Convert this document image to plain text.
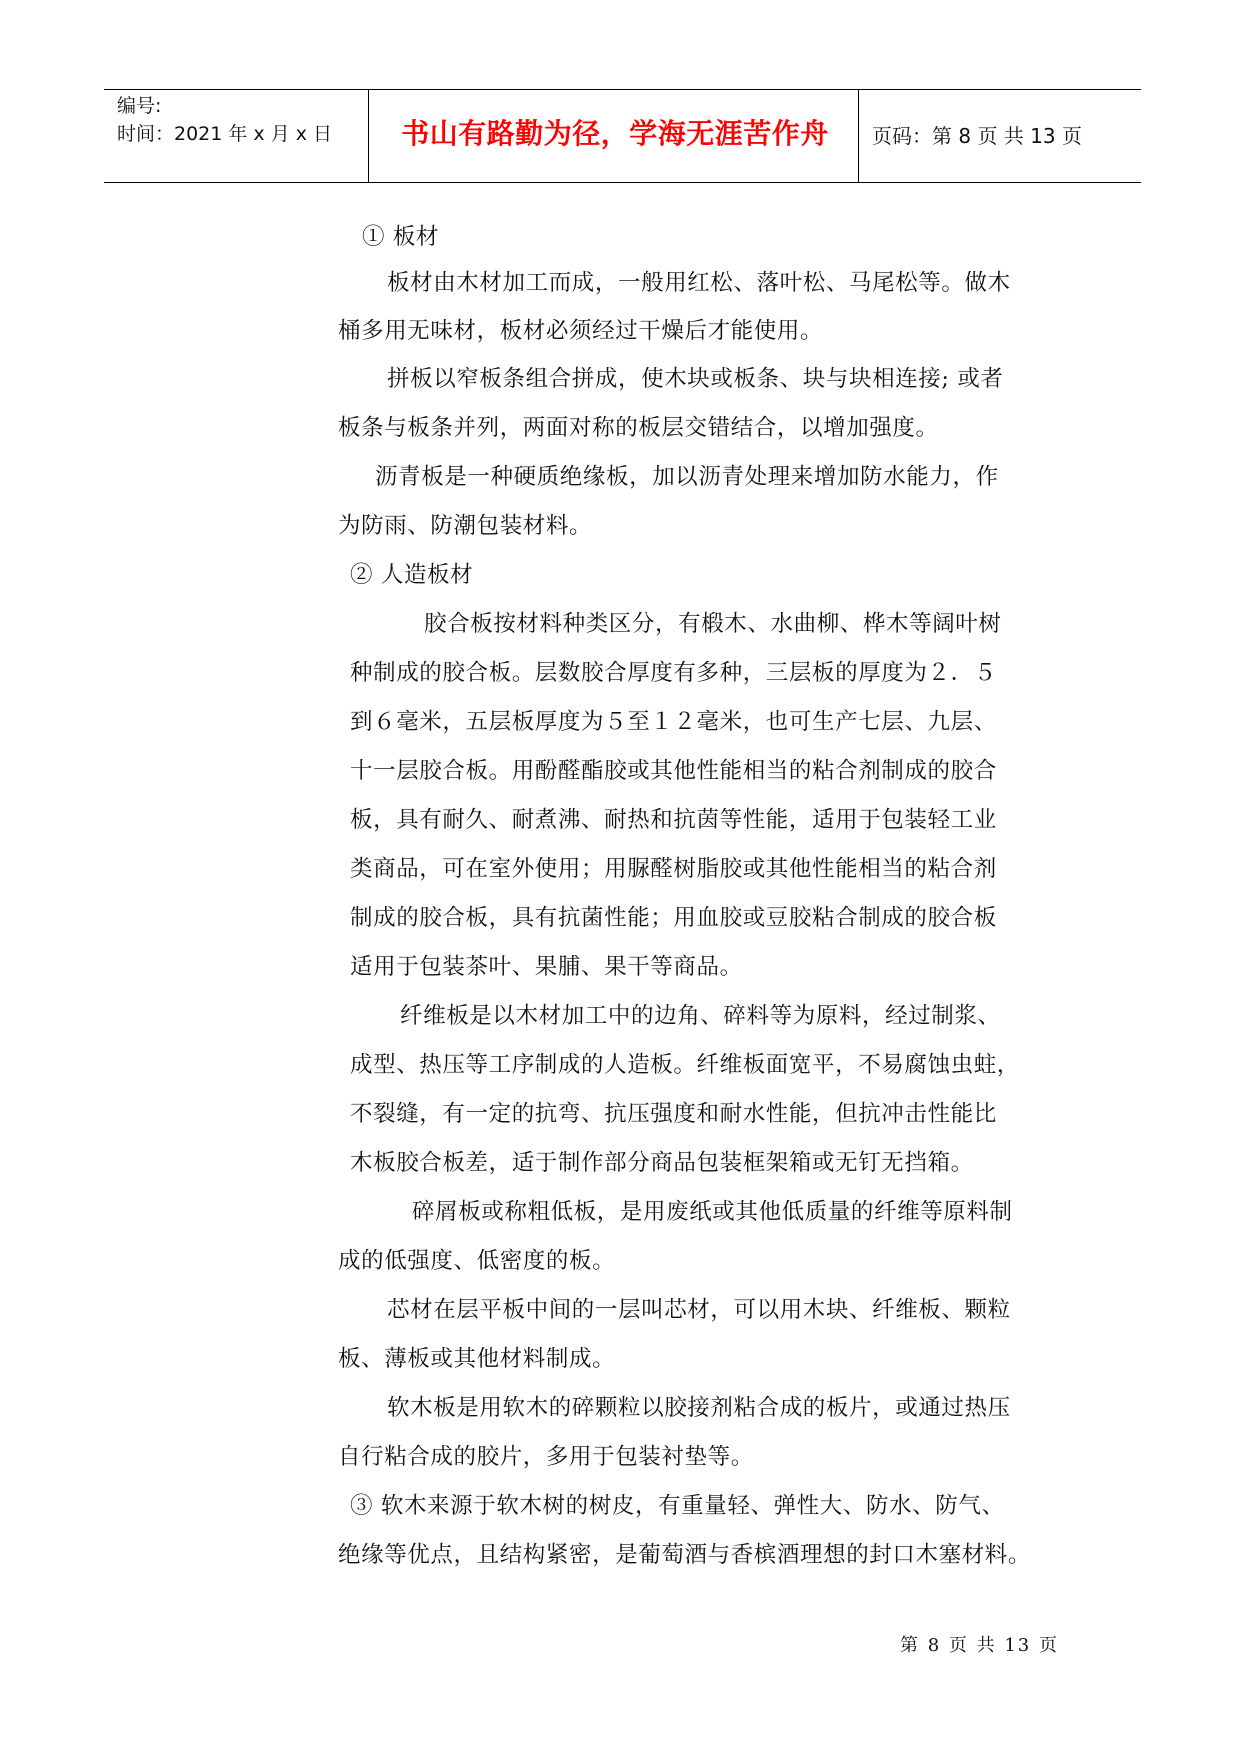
编号:
时间：2021 年 x 月 x 日	书山有路勤为径，学海无涯苦作舟	页码：第 8 页 共 13 页
① 板材
板材由木材加工而成，一般用红松、落叶松、马尾松等。做木
桶多用无味材，板材必须经过干燥后才能使用。
拼板以窄板条组合拼成，使木块或板条、块与块相连接; 或者
板条与板条并列，两面对称的板层交错结合，以增加强度。
沥青板是一种硬质绝缘板，加以沥青处理来增加防水能力，作
为防雨、防潮包装材料。
② 人造板材
胶合板按材料种类区分，有椴木、水曲柳、桦木等阔叶树
种制成的胶合板。层数胶合厚度有多种，三层板的厚度为２．５
到６毫米，五层板厚度为５至１２毫米，也可生产七层、九层、
十一层胶合板。用酚醛酯胶或其他性能相当的粘合剂制成的胶合
板，具有耐久、耐煮沸、耐热和抗茵等性能，适用于包装轻工业
类商品，可在室外使用；用脲醛树脂胶或其他性能相当的粘合剂
制成的胶合板，具有抗菌性能；用血胶或豆胶粘合制成的胶合板
适用于包装茶叶、果脯、果干等商品。
纤维板是以木材加工中的边角、碎料等为原料，经过制浆、
成型、热压等工序制成的人造板。纤维板面宽平，不易腐蚀虫蛀，
不裂缝，有一定的抗弯、抗压强度和耐水性能，但抗冲击性能比
木板胶合板差，适于制作部分商品包装框架箱或无钉无挡箱。
碎屑板或称粗低板，是用废纸或其他低质量的纤维等原料制
成的低强度、低密度的板。
芯材在层平板中间的一层叫芯材，可以用木块、纤维板、颗粒
板、薄板或其他材料制成。
软木板是用软木的碎颗粒以胶接剂粘合成的板片，或通过热压
自行粘合成的胶片，多用于包装衬垫等。
③ 软木来源于软木树的树皮，有重量轻、弹性大、防水、防气、
绝缘等优点，且结构紧密，是葡萄酒与香槟酒理想的封口木塞材料。
第 8 页 共 13 页
